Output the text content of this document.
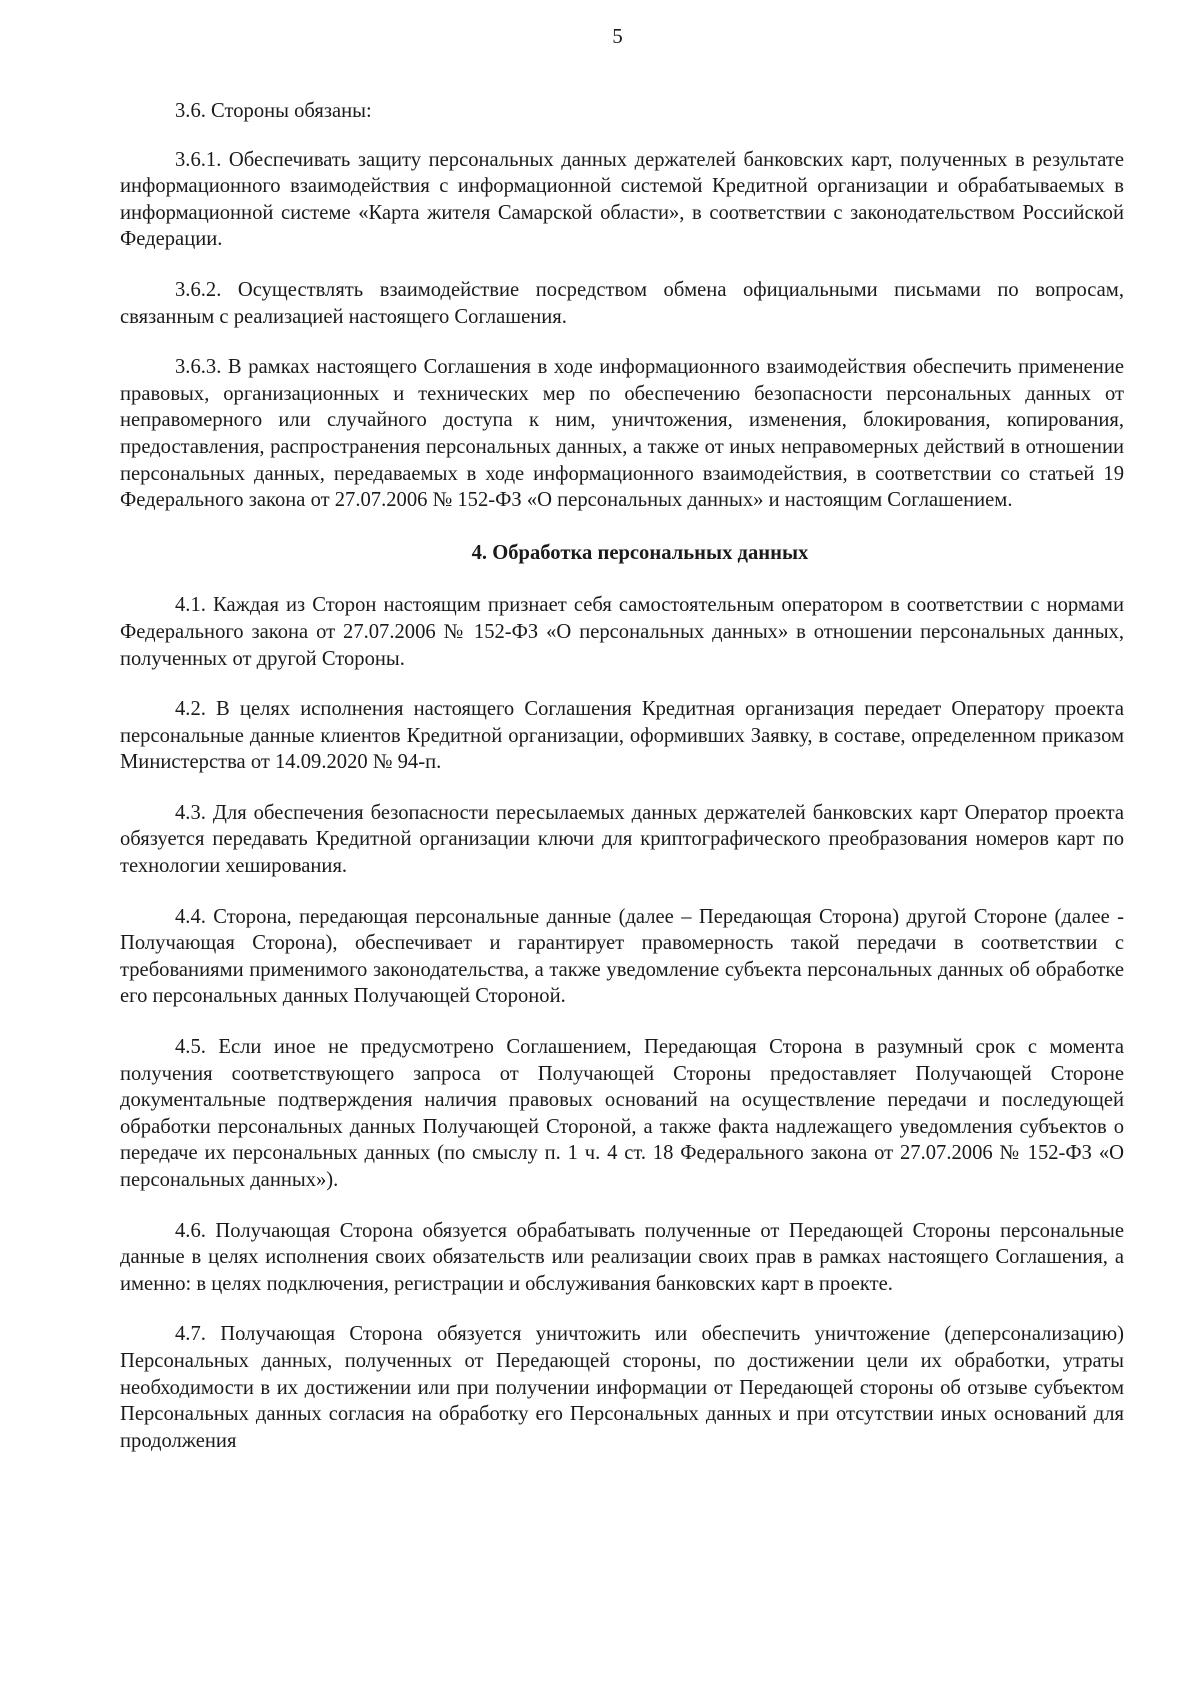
5

3.6. Стороны обязаны:

3.6.1. Обеспечивать защиту персональных данных держателей банковских карт, полученных в результате информационного взаимодействия с информационной системой Кредитной организации и обрабатываемых в информационной системе «Карта жителя Самарской области», в соответствии с законодательством Российской Федерации.

3.6.2. Осуществлять взаимодействие посредством обмена официальными письмами по вопросам, связанным с реализацией настоящего Соглашения.

3.6.3. В рамках настоящего Соглашения в ходе информационного взаимодействия обеспечить применение правовых, организационных и технических мер по обеспечению безопасности персональных данных от неправомерного или случайного доступа к ним, уничтожения, изменения, блокирования, копирования, предоставления, распространения персональных данных, а также от иных неправомерных действий в отношении персональных данных, передаваемых в ходе информационного взаимодействия, в соответствии со статьей 19 Федерального закона от 27.07.2006 № 152-ФЗ «О персональных данных» и настоящим Соглашением.

4. Обработка персональных данных

4.1. Каждая из Сторон настоящим признает себя самостоятельным оператором в соответствии с нормами Федерального закона от 27.07.2006 № 152-ФЗ «О персональных данных» в отношении персональных данных, полученных от другой Стороны.

4.2. В целях исполнения настоящего Соглашения Кредитная организация передает Оператору проекта персональные данные клиентов Кредитной организации, оформивших Заявку, в составе, определенном приказом Министерства от 14.09.2020 № 94-п.

4.3. Для обеспечения безопасности пересылаемых данных держателей банковских карт Оператор проекта обязуется передавать Кредитной организации ключи для криптографического преобразования номеров карт по технологии хеширования.

4.4. Сторона, передающая персональные данные (далее – Передающая Сторона) другой Стороне (далее - Получающая Сторона), обеспечивает и гарантирует правомерность такой передачи в соответствии с требованиями применимого законодательства, а также уведомление субъекта персональных данных об обработке его персональных данных Получающей Стороной.

4.5. Если иное не предусмотрено Соглашением, Передающая Сторона в разумный срок с момента получения соответствующего запроса от Получающей Стороны предоставляет Получающей Стороне документальные подтверждения наличия правовых оснований на осуществление передачи и последующей обработки персональных данных Получающей Стороной, а также факта надлежащего уведомления субъектов о передаче их персональных данных (по смыслу п. 1 ч. 4 ст. 18 Федерального закона от 27.07.2006 № 152-ФЗ «О персональных данных»).

4.6. Получающая Сторона обязуется обрабатывать полученные от Передающей Стороны персональные данные в целях исполнения своих обязательств или реализации своих прав в рамках настоящего Соглашения, а именно: в целях подключения, регистрации и обслуживания банковских карт в проекте.

4.7. Получающая Сторона обязуется уничтожить или обеспечить уничтожение (деперсонализацию) Персональных данных, полученных от Передающей стороны, по достижении цели их обработки, утраты необходимости в их достижении или при получении информации от Передающей стороны об отзыве субъектом Персональных данных согласия на обработку его Персональных данных и при отсутствии иных оснований для продолжения
